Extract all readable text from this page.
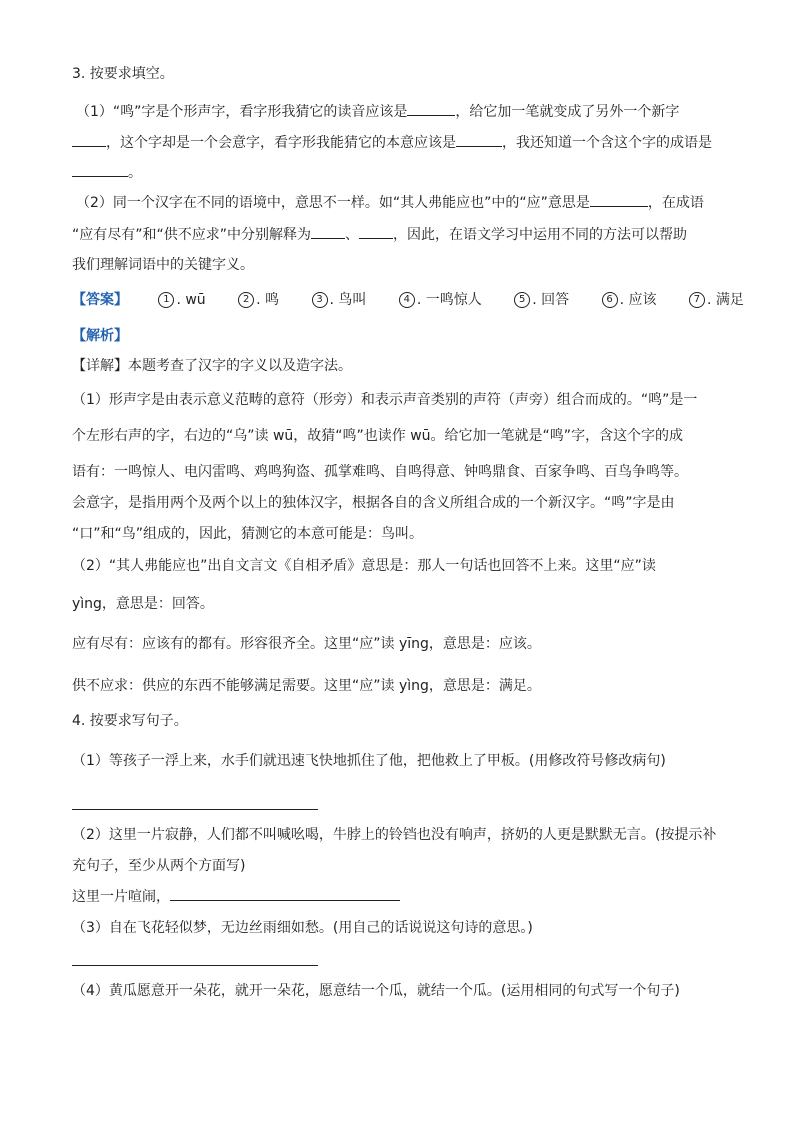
3. 按要求填空。
（1）“鸣”字是个形声字，看字形我猜它的读音应该是	，给它加一笔就变成了另外一个新字
，这个字却是一个会意字，看字形我能猜它的本意应该是	，我还知道一个含这个字的成语是
。
（2）同一个汉字在不同的语境中，意思不一样。如“其人弗能应也”中的“应”意思是	，在成语
“应有尽有”和“供不应求”中分别解释为 、 ，因此，在语文学习中运用不同的方法可以帮助
我们理解词语中的关键字义。
【答案】	1 . wū	2 . 鸣	3 . 鸟叫	4 . 一鸣惊人	5 . 回答	6 . 应该	7 . 满足
【解析】
【详解】本题考查了汉字的字义以及造字法。
（1）形声字是由表示意义范畴的意符（形旁）和表示声音类别的声符（声旁）组合而成的。“鸣”是一
个左形右声的字，右边的“乌”读 wū，故猜“鸣”也读作 wū。给它加一笔就是“鸣”字，含这个字的成
语有：一鸣惊人、电闪雷鸣、鸡鸣狗盗、孤掌难鸣、自鸣得意、钟鸣鼎食、百家争鸣、百鸟争鸣等。
会意字，是指用两个及两个以上的独体汉字，根据各自的含义所组合成的一个新汉字。“鸣”字是由
“口”和“鸟”组成的，因此，猜测它的本意可能是：鸟叫。
（2）“其人弗能应也”出自文言文《自相矛盾》意思是：那人一句话也回答不上来。这里“应”读
yìng，意思是：回答。
应有尽有：应该有的都有。形容很齐全。这里“应”读 yīng，意思是：应该。
供不应求：供应的东西不能够满足需要。这里“应”读 yìng，意思是：满足。
4. 按要求写句子。
（1）等孩子一浮上来，水手们就迅速飞快地抓住了他，把他救上了甲板。(用修改符号修改病句)
（2）这里一片寂静，人们都不叫喊吆喝，牛脖上的铃铛也没有响声，挤奶的人更是默默无言。(按提示补
充句子，至少从两个方面写)
这里一片喧闹，
（3）自在飞花轻似梦，无边丝雨细如愁。(用自己的话说说这句诗的意思。)
（4）黄瓜愿意开一朵花，就开一朵花，愿意结一个瓜，就结一个瓜。(运用相同的句式写一个句子)
